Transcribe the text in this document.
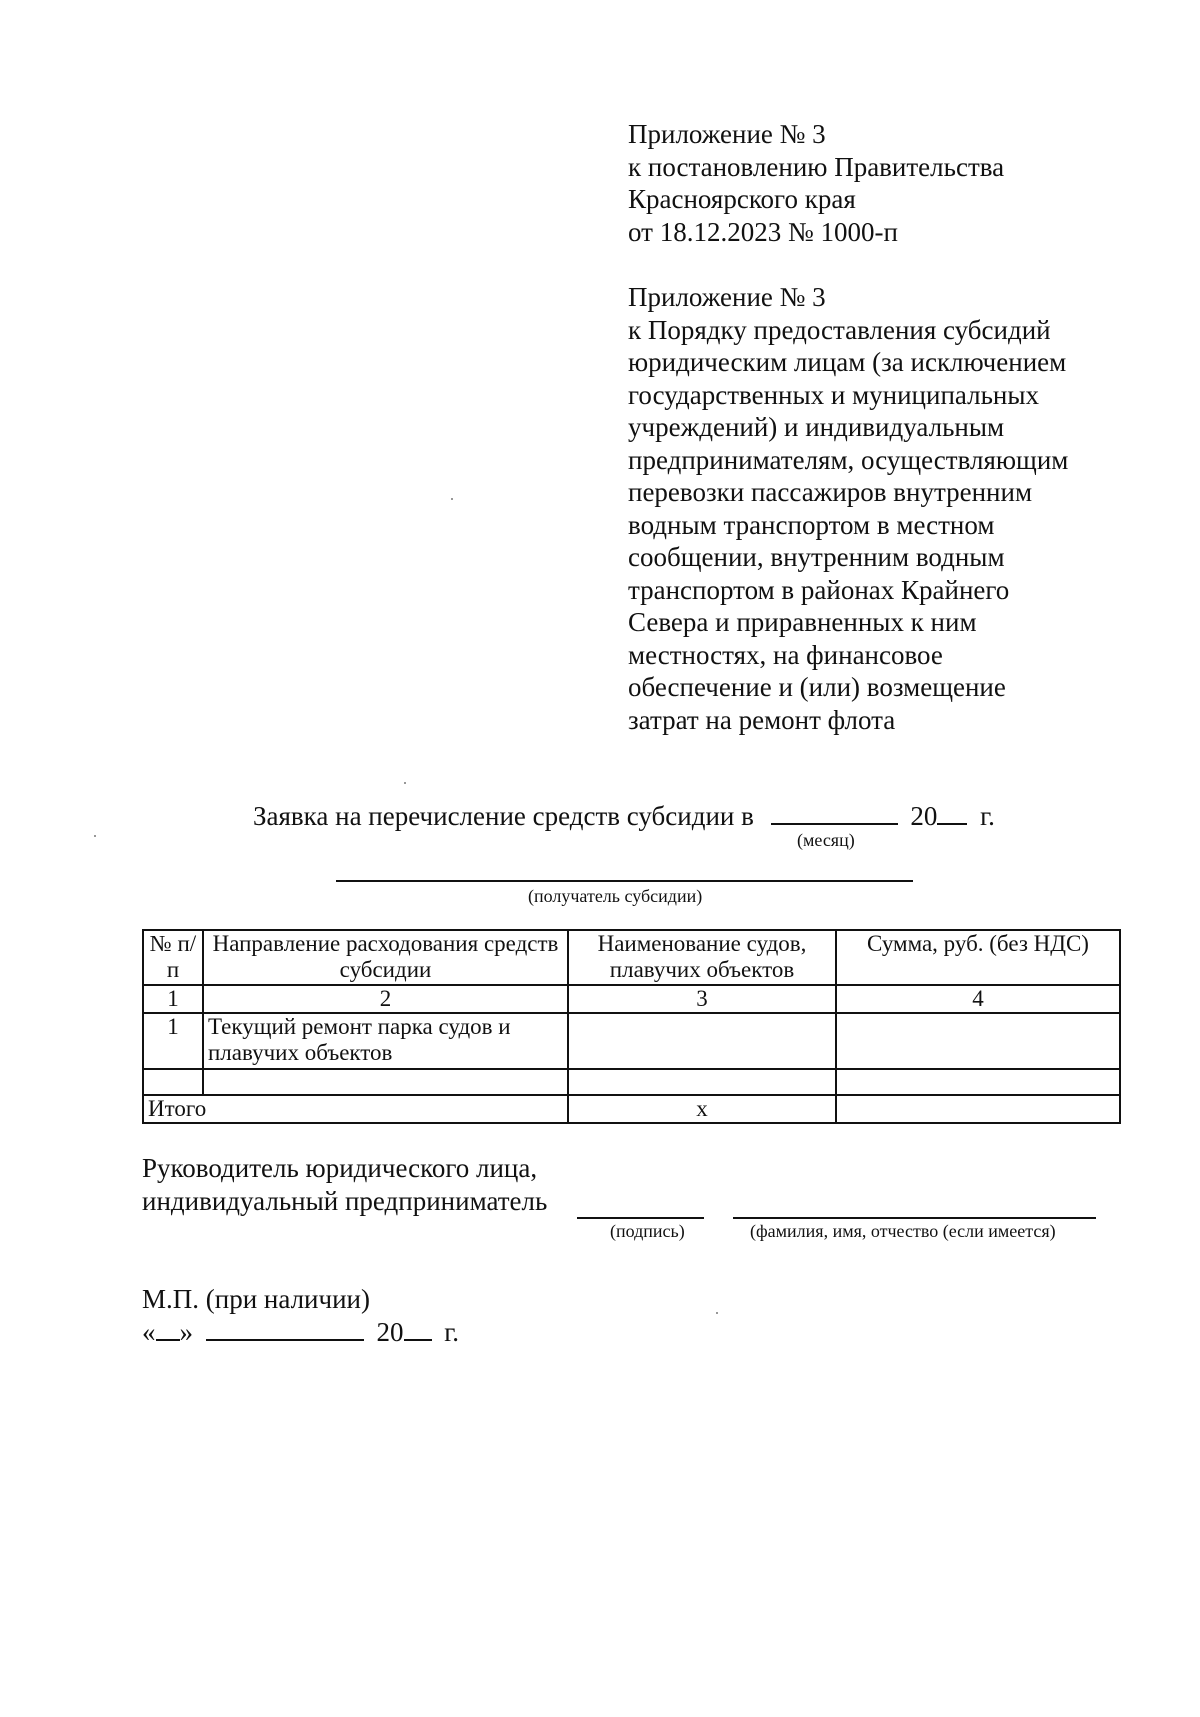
Приложение № 3
к постановлению Правительства
Красноярского края
от 18.12.2023 № 1000-п
Приложение № 3
к Порядку предоставления субсидий
юридическим лицам (за исключением
государственных и муниципальных
учреждений) и индивидуальным
предпринимателям, осуществляющим
перевозки пассажиров внутренним
водным транспортом в местном
сообщении, внутренним водным
транспортом в районах Крайнего
Севера и приравненных к ним
местностях, на финансовое
обеспечение и (или) возмещение
затрат на ремонт флота
Заявка на перечисление средств субсидии в	20 г.
(месяц)
(получатель субсидии)
№ п/п	Направление расходования средств субсидии	Наименование судов, плавучих объектов	Сумма, руб. (без НДС)
1	2	3	4
1	Текущий ремонт парка судов и плавучих объектов		

Итого		х	
Руководитель юридического лица,
индивидуальный предприниматель
(подпись)	(фамилия, имя, отчество (если имеется)
М.П. (при наличии)
« »	20 г.
